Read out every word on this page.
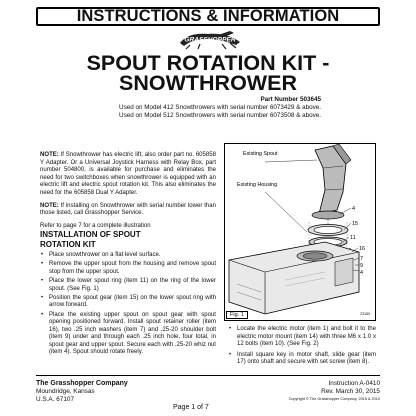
INSTRUCTIONS & INFORMATION
GRASSHOPPER
SPOUT ROTATION KIT -
SNOWTHROWER
Part Number 503645
Used on Model 412 Snowthrowers with serial number 6073429 & above.
Used on Model 512 Snowthrowers with serial number 6073508 & above.

NOTE: If Snowthrower has electric lift, also order part no. 605858 Y Adapter. Or a Universal Joystick Harness with Relay Box, part number 504800, is available for purchase and eliminates the need for two switchboxes when snowthrower is equipped with an electric lift and electric spout rotation kit. This also eliminates the need for the 605858 Dual Y Adapter.

NOTE: If installing on Snowthrower with serial number lower than those listed, call Grasshopper Service.

Refer to page 7 for a complete illustration
INSTALLATION OF SPOUT
ROTATION KIT
• Place snowthrower on a flat level surface.
• Remove the upper spout from the housing and remove spout stop from the upper spout.
• Place the lower spout ring (item 11) on the ring of the lower spout. (See Fig. 1)
• Position the spout gear (item 15) on the lower spout ring with arrow forward.
• Place the existing upper spout on spout gear with spout opening positioned forward. Install spout retainer roller (item 16), two .25 inch washers (item 7) and .25-20 shoulder bolt (item 9) under and through each .25 inch hole, four total, in spout gear and upper spout. Secure each with .25-20 whiz nut (item 4). Spout should rotate freely.
Existing Spout Existing Housing
4
15
11
16
7
9
4
Fig. 1	Z3189
• Locate the electric motor (item 1) and bolt it to the electric motor mount (item 14) with three M6 x 1.0 x 12 bolts (item 10). (See Fig. 2)
• Install square key in motor shaft, slide gear (item 17) onto shaft and secure with set screw (item 8).
The Grasshopper Company
Moundridge, Kansas
U.S.A. 67107
Page 1 of 7
Instruction A-0410
Rev. March 30, 2015
Copyright © The Grasshopper Company, 2015 & 2010
